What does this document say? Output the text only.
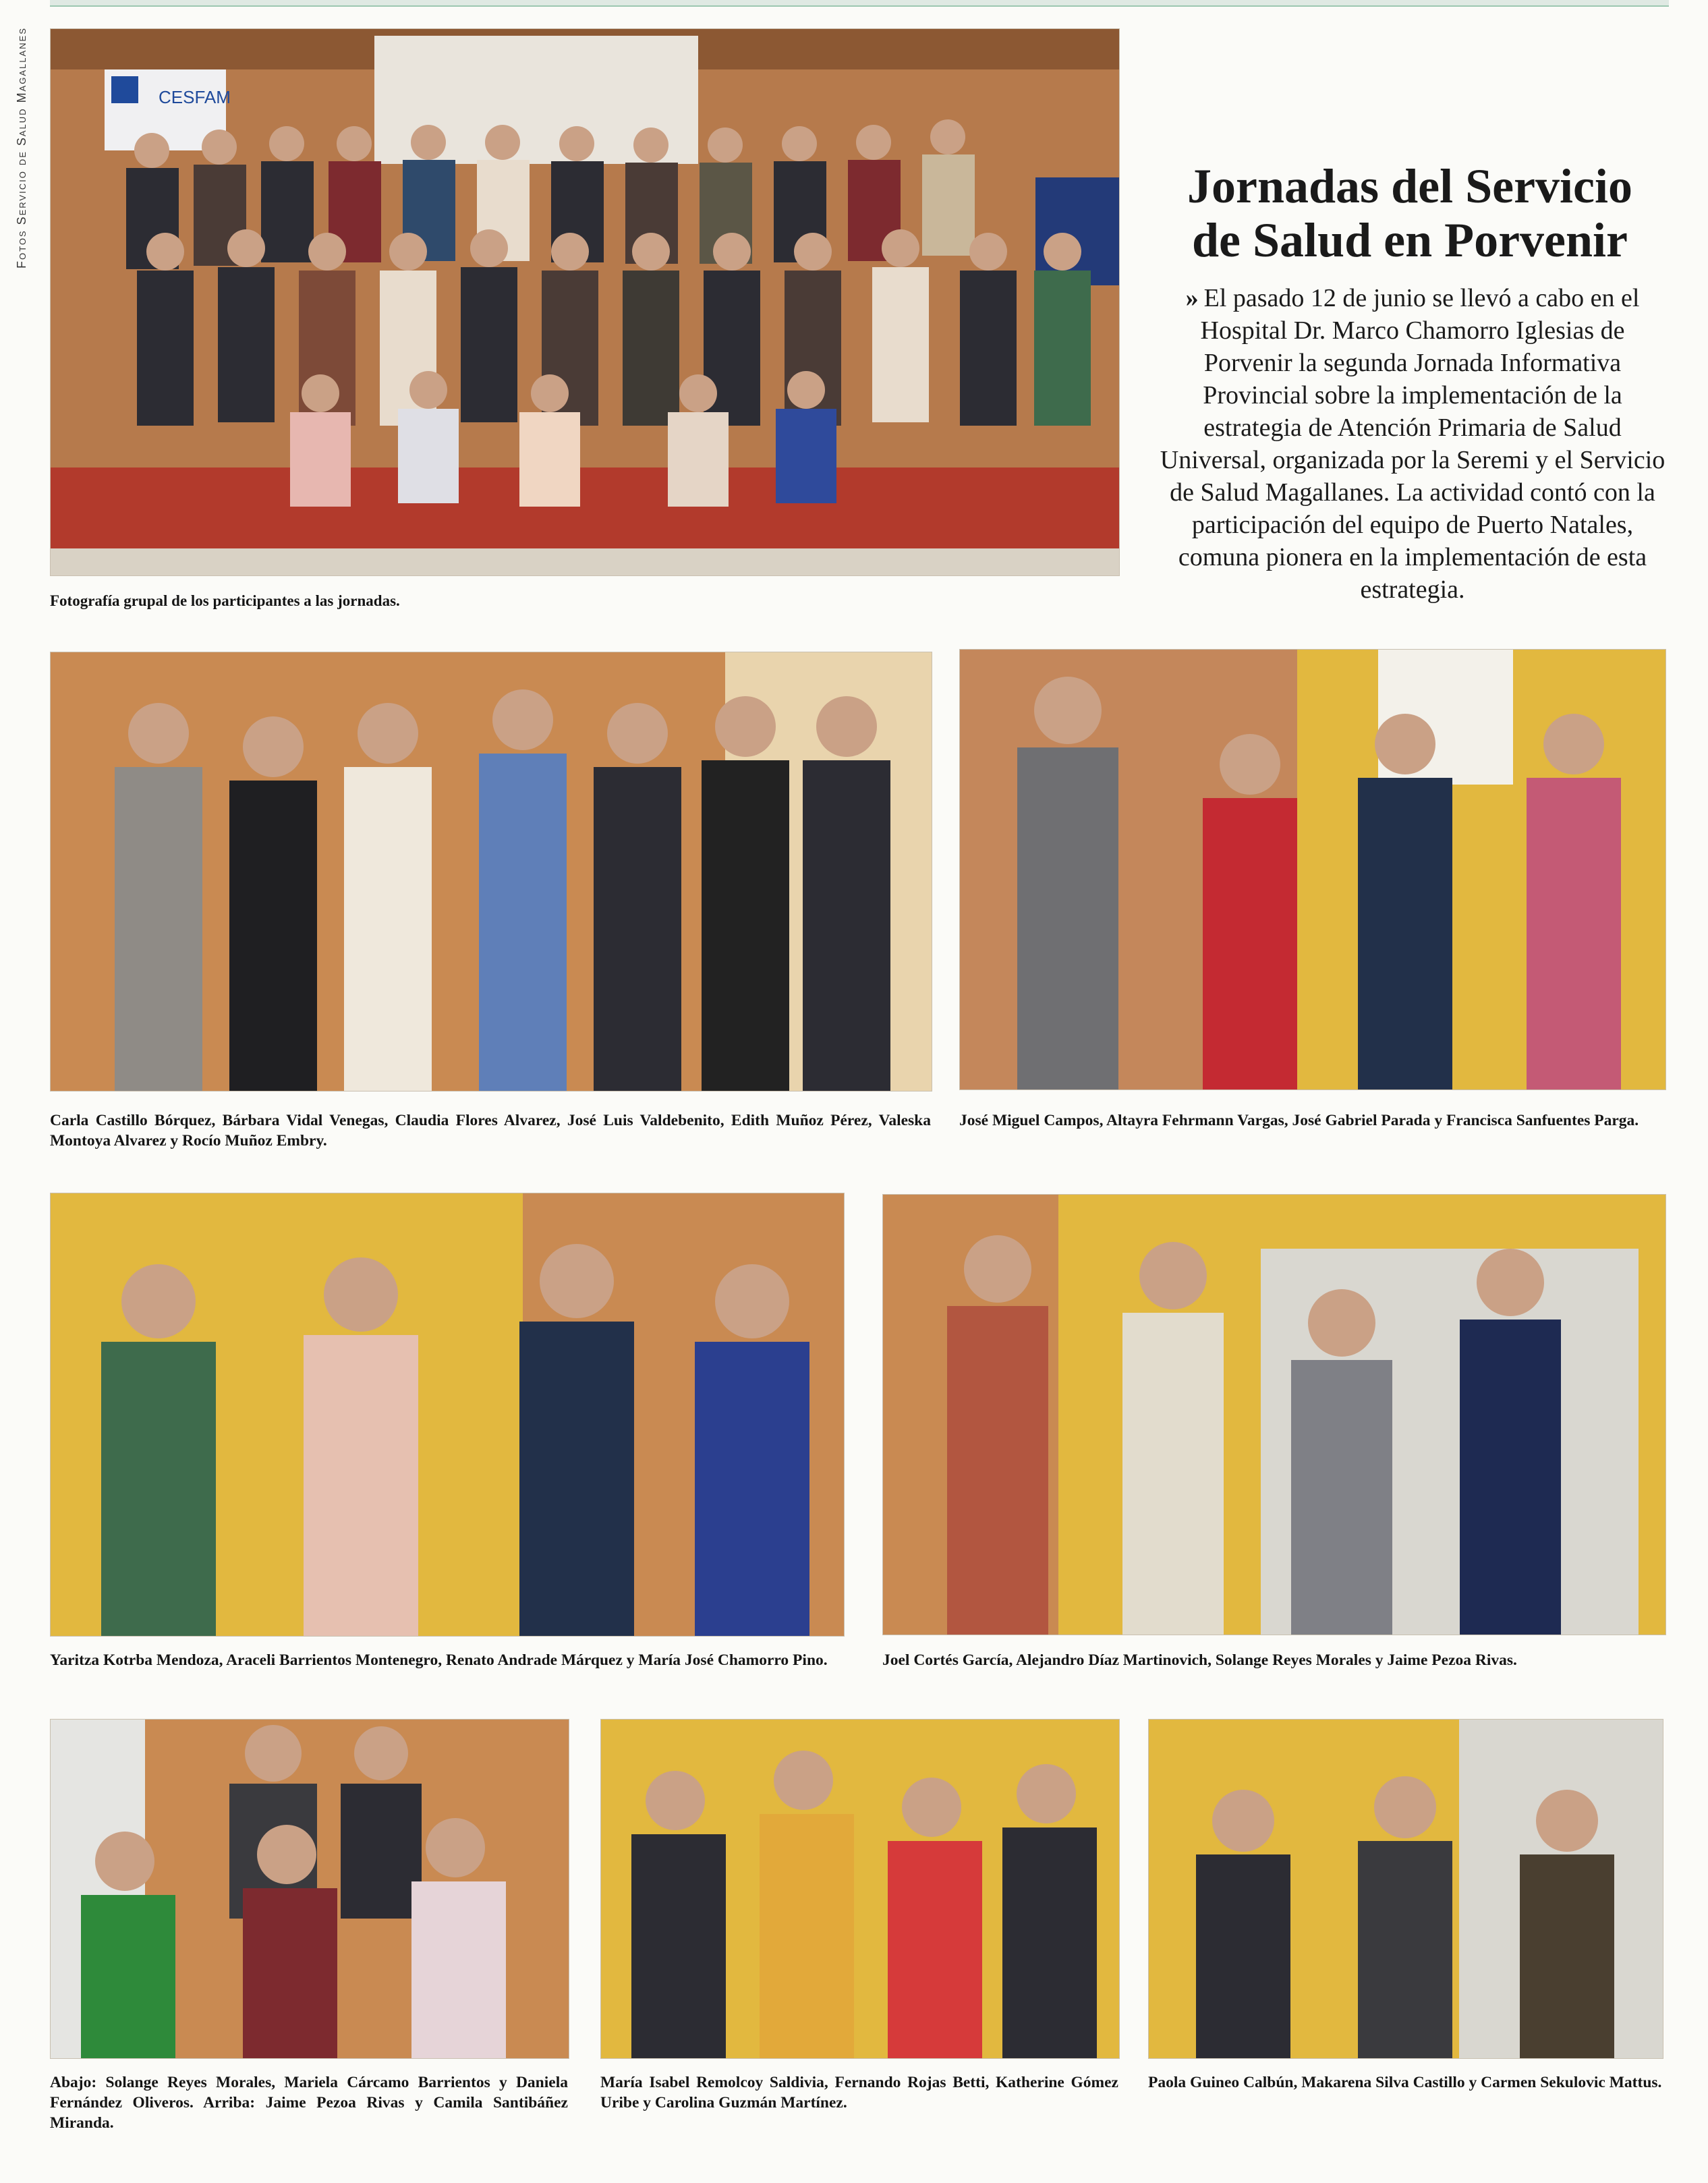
Fotos Servicio de Salud Magallanes	CESFAM
Fotografía grupal de los participantes a las jornadas.
Jornadas del Servicio
de Salud en Porvenir
» El pasado 12 de junio se llevó a cabo en el Hospital Dr. Marco Chamorro Iglesias de Porvenir la segunda Jornada Informativa Provincial sobre la implementación de la estrategia de Atención Primaria de Salud Universal, organizada por la Seremi y el Servicio de Salud Magallanes. La actividad contó con la participación del equipo de Puerto Natales, comuna pionera en la implementación de esta estrategia.
Carla Castillo Bórquez, Bárbara Vidal Venegas, Claudia Flores Alvarez, José Luis Valdebenito, Edith Muñoz Pérez, Valeska Montoya Alvarez y Rocío Muñoz Embry.
José Miguel Campos, Altayra Fehrmann Vargas, José Gabriel Parada y Francisca Sanfuentes Parga.
Yaritza Kotrba Mendoza, Araceli Barrientos Montenegro, Renato Andrade Márquez y María José Chamorro Pino.	Joel Cortés García, Alejandro Díaz Martinovich, Solange Reyes Morales y Jaime Pezoa Rivas.
Abajo: Solange Reyes Morales, Mariela Cárcamo Barrientos y Daniela Fernández Oliveros. Arriba: Jaime Pezoa Rivas y Camila Santibáñez Miranda.
María Isabel Remolcoy Saldivia, Fernando Rojas Betti, Katherine Gómez Uribe y Carolina Guzmán Martínez.
Paola Guineo Calbún, Makarena Silva Castillo y Carmen Sekulovic Mattus.
